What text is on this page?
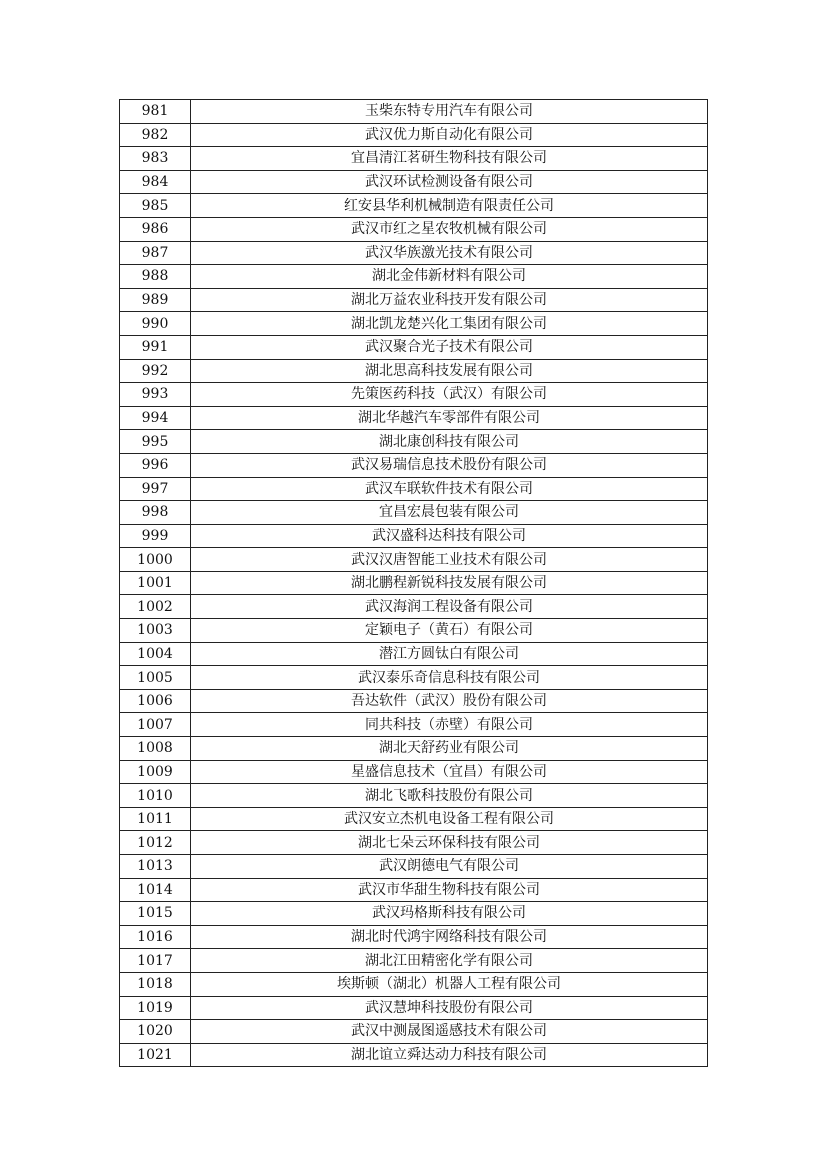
981	玉柴东特专用汽车有限公司
982	武汉优力斯自动化有限公司
983	宜昌清江茗研生物科技有限公司
984	武汉环试检测设备有限公司
985	红安县华利机械制造有限责任公司
986	武汉市红之星农牧机械有限公司
987	武汉华族激光技术有限公司
988	湖北金伟新材料有限公司
989	湖北万益农业科技开发有限公司
990	湖北凯龙楚兴化工集团有限公司
991	武汉聚合光子技术有限公司
992	湖北思高科技发展有限公司
993	先策医药科技（武汉）有限公司
994	湖北华越汽车零部件有限公司
995	湖北康创科技有限公司
996	武汉易瑞信息技术股份有限公司
997	武汉车联软件技术有限公司
998	宜昌宏晨包装有限公司
999	武汉盛科达科技有限公司
1000	武汉汉唐智能工业技术有限公司
1001	湖北鹏程新锐科技发展有限公司
1002	武汉海润工程设备有限公司
1003	定颖电子（黄石）有限公司
1004	潜江方圆钛白有限公司
1005	武汉泰乐奇信息科技有限公司
1006	吾达软件（武汉）股份有限公司
1007	同共科技（赤壁）有限公司
1008	湖北天舒药业有限公司
1009	星盛信息技术（宜昌）有限公司
1010	湖北飞歌科技股份有限公司
1011	武汉安立杰机电设备工程有限公司
1012	湖北七朵云环保科技有限公司
1013	武汉朗德电气有限公司
1014	武汉市华甜生物科技有限公司
1015	武汉玛格斯科技有限公司
1016	湖北时代鸿宇网络科技有限公司
1017	湖北江田精密化学有限公司
1018	埃斯顿（湖北）机器人工程有限公司
1019	武汉慧坤科技股份有限公司
1020	武汉中测晟图遥感技术有限公司
1021	湖北谊立舜达动力科技有限公司
